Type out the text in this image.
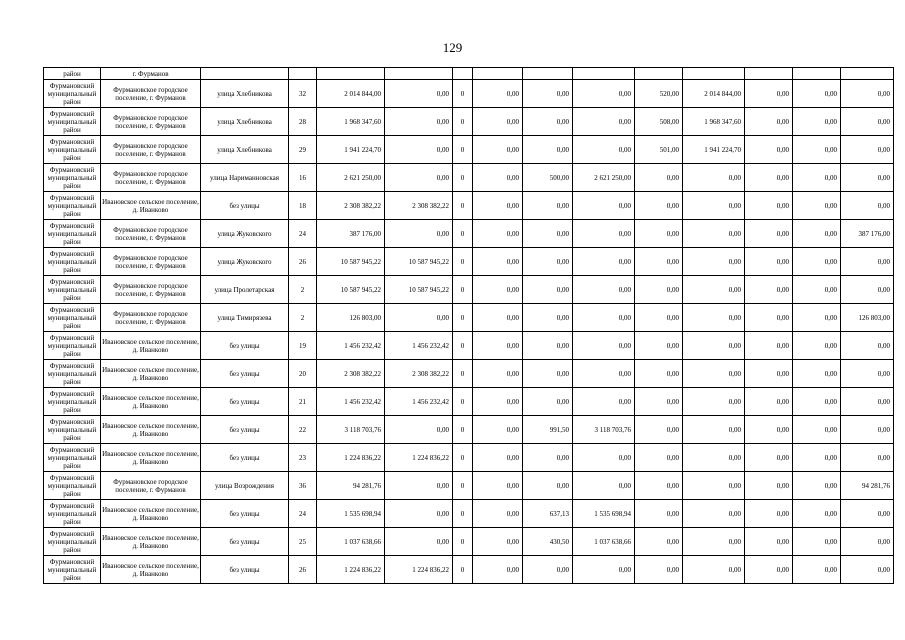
129
район	г. Фурманов													
Фурмановский муниципальный район	Фурмановское городское поселение, г. Фурманов	улица Хлебникова	32	2 014 844,00	0,00	0	0,00	0,00	0,00	520,00	2 014 844,00	0,00	0,00	0,00
Фурмановский муниципальный район	Фурмановское городское поселение, г. Фурманов	улица Хлебникова	28	1 968 347,60	0,00	0	0,00	0,00	0,00	508,00	1 968 347,60	0,00	0,00	0,00
Фурмановский муниципальный район	Фурмановское городское поселение, г. Фурманов	улица Хлебникова	29	1 941 224,70	0,00	0	0,00	0,00	0,00	501,00	1 941 224,70	0,00	0,00	0,00
Фурмановский муниципальный район	Фурмановское городское поселение, г. Фурманов	улица Нариманновская	16	2 621 250,00	0,00	0	0,00	500,00	2 621 250,00	0,00	0,00	0,00	0,00	0,00
Фурмановский муниципальный район	Ивановское сельское поселение, д. Иванково	без улицы	18	2 308 382,22	2 308 382,22	0	0,00	0,00	0,00	0,00	0,00	0,00	0,00	0,00
Фурмановский муниципальный район	Фурмановское городское поселение, г. Фурманов	улица Жуковского	24	387 176,00	0,00	0	0,00	0,00	0,00	0,00	0,00	0,00	0,00	387 176,00
Фурмановский муниципальный район	Фурмановское городское поселение, г. Фурманов	улица Жуковского	26	10 587 945,22	10 587 945,22	0	0,00	0,00	0,00	0,00	0,00	0,00	0,00	0,00
Фурмановский муниципальный район	Фурмановское городское поселение, г. Фурманов	улица Пролетарская	2	10 587 945,22	10 587 945,22	0	0,00	0,00	0,00	0,00	0,00	0,00	0,00	0,00
Фурмановский муниципальный район	Фурмановское городское поселение, г. Фурманов	улица Тимирязева	2	126 803,00	0,00	0	0,00	0,00	0,00	0,00	0,00	0,00	0,00	126 803,00
Фурмановский муниципальный район	Ивановское сельское поселение, д. Иванково	без улицы	19	1 456 232,42	1 456 232,42	0	0,00	0,00	0,00	0,00	0,00	0,00	0,00	0,00
Фурмановский муниципальный район	Ивановское сельское поселение, д. Иванково	без улицы	20	2 308 382,22	2 308 382,22	0	0,00	0,00	0,00	0,00	0,00	0,00	0,00	0,00
Фурмановский муниципальный район	Ивановское сельское поселение, д. Иванково	без улицы	21	1 456 232,42	1 456 232,42	0	0,00	0,00	0,00	0,00	0,00	0,00	0,00	0,00
Фурмановский муниципальный район	Ивановское сельское поселение, д. Иванково	без улицы	22	3 118 703,76	0,00	0	0,00	991,50	3 118 703,76	0,00	0,00	0,00	0,00	0,00
Фурмановский муниципальный район	Ивановское сельское поселение, д. Иванково	без улицы	23	1 224 836,22	1 224 836,22	0	0,00	0,00	0,00	0,00	0,00	0,00	0,00	0,00
Фурмановский муниципальный район	Фурмановское городское поселение, г. Фурманов	улица Возрождения	36	94 281,76	0,00	0	0,00	0,00	0,00	0,00	0,00	0,00	0,00	94 281,76
Фурмановский муниципальный район	Ивановское сельское поселение, д. Иванково	без улицы	24	1 535 698,94	0,00	0	0,00	637,13	1 535 698,94	0,00	0,00	0,00	0,00	0,00
Фурмановский муниципальный район	Ивановское сельское поселение, д. Иванково	без улицы	25	1 037 638,66	0,00	0	0,00	430,50	1 037 638,66	0,00	0,00	0,00	0,00	0,00
Фурмановский муниципальный район	Ивановское сельское поселение, д. Иванково	без улицы	26	1 224 836,22	1 224 836,22	0	0,00	0,00	0,00	0,00	0,00	0,00	0,00	0,00
